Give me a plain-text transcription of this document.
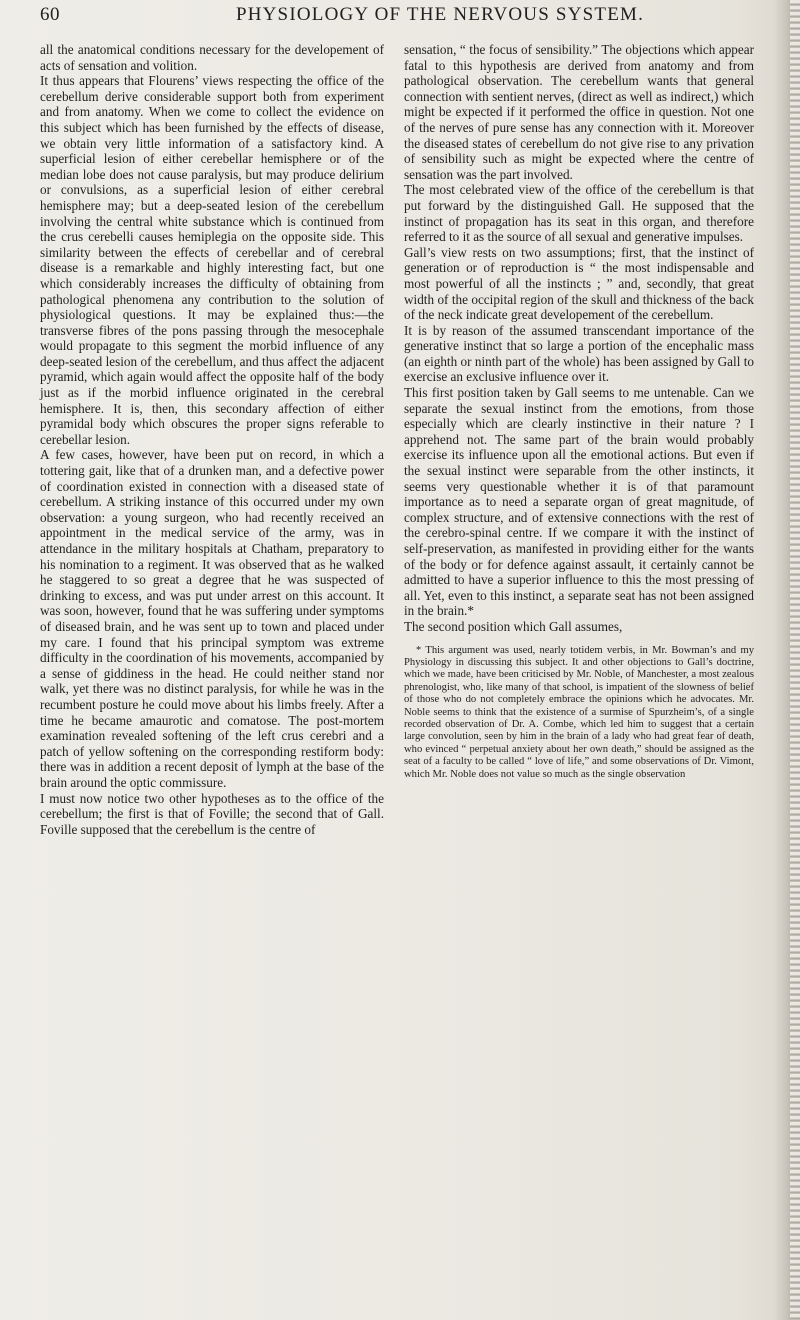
60	PHYSIOLOGY OF THE NERVOUS SYSTEM.

all the anatomical conditions necessary for the developement of acts of sensation and volition.

It thus appears that Flourens’ views respecting the office of the cerebellum derive considerable support both from experiment and from anatomy. When we come to collect the evidence on this subject which has been furnished by the effects of disease, we obtain very little information of a satisfactory kind. A superficial lesion of either cerebellar hemisphere or of the median lobe does not cause paralysis, but may produce delirium or convulsions, as a superficial lesion of either cerebral hemisphere may; but a deep-seated lesion of the cerebellum involving the central white substance which is continued from the crus cerebelli causes hemiplegia on the opposite side. This similarity between the effects of cerebellar and of cerebral disease is a remarkable and highly interesting fact, but one which considerably increases the difficulty of obtaining from pathological phenomena any contribution to the solution of physiological questions. It may be explained thus:—the transverse fibres of the pons passing through the mesocephale would propagate to this segment the morbid influence of any deep-seated lesion of the cerebellum, and thus affect the adjacent pyramid, which again would affect the opposite half of the body just as if the morbid influence originated in the cerebral hemisphere. It is, then, this secondary affection of either pyramidal body which obscures the proper signs referable to cerebellar lesion.

A few cases, however, have been put on record, in which a tottering gait, like that of a drunken man, and a defective power of coordination existed in connection with a diseased state of cerebellum. A striking instance of this occurred under my own observation: a young surgeon, who had recently received an appointment in the medical service of the army, was in attendance in the military hospitals at Chatham, preparatory to his nomination to a regiment. It was observed that as he walked he staggered to so great a degree that he was suspected of drinking to excess, and was put under arrest on this account. It was soon, however, found that he was suffering under symptoms of diseased brain, and he was sent up to town and placed under my care. I found that his principal symptom was extreme difficulty in the coordination of his movements, accompanied by a sense of giddiness in the head. He could neither stand nor walk, yet there was no distinct paralysis, for while he was in the recumbent posture he could move about his limbs freely. After a time he became amaurotic and comatose. The post-mortem examination revealed softening of the left crus cerebri and a patch of yellow softening on the corresponding restiform body: there was in addition a recent deposit of lymph at the base of the brain around the optic commissure.

I must now notice two other hypotheses as to the office of the cerebellum; the first is that of Foville; the second that of Gall. Foville supposed that the cerebellum is the centre of

sensation, “ the focus of sensibility.” The objections which appear fatal to this hypothesis are derived from anatomy and from pathological observation. The cerebellum wants that general connection with sentient nerves, (direct as well as indirect,) which might be expected if it performed the office in question. Not one of the nerves of pure sense has any connection with it. Moreover the diseased states of cerebellum do not give rise to any privation of sensibility such as might be expected where the centre of sensation was the part involved.

The most celebrated view of the office of the cerebellum is that put forward by the distinguished Gall. He supposed that the instinct of propagation has its seat in this organ, and therefore referred to it as the source of all sexual and generative impulses.

Gall’s view rests on two assumptions; first, that the instinct of generation or of reproduction is “ the most indispensable and most powerful of all the instincts ; ” and, secondly, that great width of the occipital region of the skull and thickness of the back of the neck indicate great developement of the cerebellum.

It is by reason of the assumed transcendant importance of the generative instinct that so large a portion of the encephalic mass (an eighth or ninth part of the whole) has been assigned by Gall to exercise an exclusive influence over it.

This first position taken by Gall seems to me untenable. Can we separate the sexual instinct from the emotions, from those especially which are clearly instinctive in their nature ? I apprehend not. The same part of the brain would probably exercise its influence upon all the emotional actions. But even if the sexual instinct were separable from the other instincts, it seems very questionable whether it is of that paramount importance as to need a separate organ of great magnitude, of complex structure, and of extensive connections with the rest of the cerebro-spinal centre. If we compare it with the instinct of self-preservation, as manifested in providing either for the wants of the body or for defence against assault, it certainly cannot be admitted to have a superior influence to this the most pressing of all. Yet, even to this instinct, a separate seat has not been assigned in the brain.*

The second position which Gall assumes,

* This argument was used, nearly totidem verbis, in Mr. Bowman’s and my Physiology in discussing this subject. It and other objections to Gall’s doctrine, which we made, have been criticised by Mr. Noble, of Manchester, a most zealous phrenologist, who, like many of that school, is impatient of the slowness of belief of those who do not completely embrace the opinions which he advocates. Mr. Noble seems to think that the existence of a surmise of Spurzheim’s, of a single recorded observation of Dr. A. Combe, which led him to suggest that a certain large convolution, seen by him in the brain of a lady who had great fear of death, who evinced “ perpetual anxiety about her own death,” should be assigned as the seat of a faculty to be called “ love of life,” and some observations of Dr. Vimont, which Mr. Noble does not value so much as the single observation
